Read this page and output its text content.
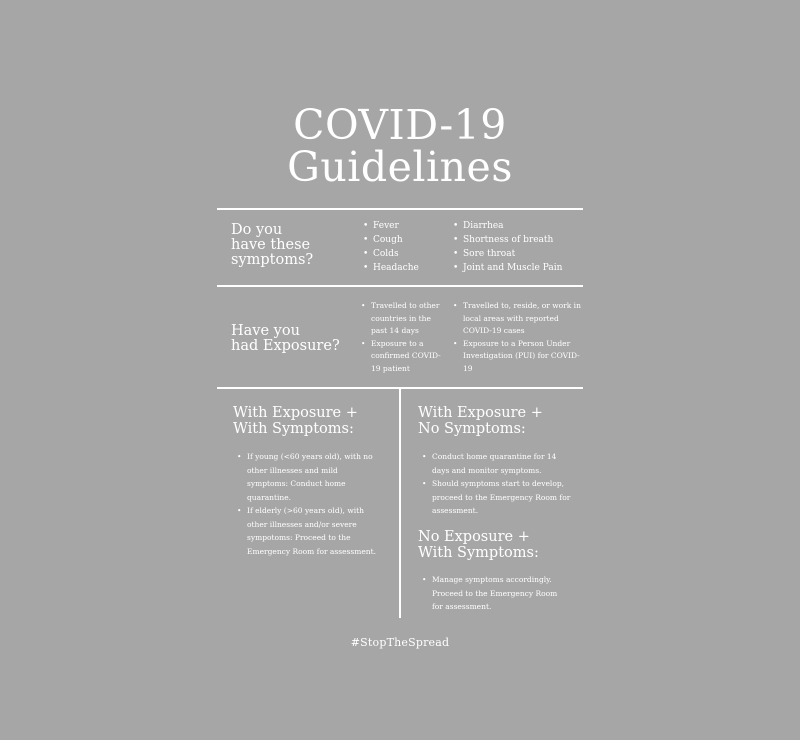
COVID-19
Guidelines
Do you
have these
symptoms?
• Fever
• Cough
• Colds
• Headache
• Diarrhea
• Shortness of breath
• Sore throat
• Joint and Muscle Pain
Have you
had Exposure?
• Travelled to other countries in the past 14 days
• Exposure to a confirmed COVID-19 patient
• Travelled to, reside, or work in local areas with reported COVID-19 cases
• Exposure to a Person Under Investigation (PUI) for COVID-19
With Exposure +
With Symptoms:
• If young (<60 years old), with no other illnesses and mild symptoms: Conduct home quarantine.
• If elderly (>60 years old), with other illnesses and/or severe sympotoms: Proceed to the Emergency Room for assessment.
With Exposure +
No Symptoms:
• Conduct home quarantine for 14 days and monitor symptoms.
• Should symptoms start to develop, proceed to the Emergency Room for assessment.
No Exposure +
With Symptoms:
• Manage symptoms accordingly. Proceed to the Emergency Room for assessment.
#StopTheSpread
